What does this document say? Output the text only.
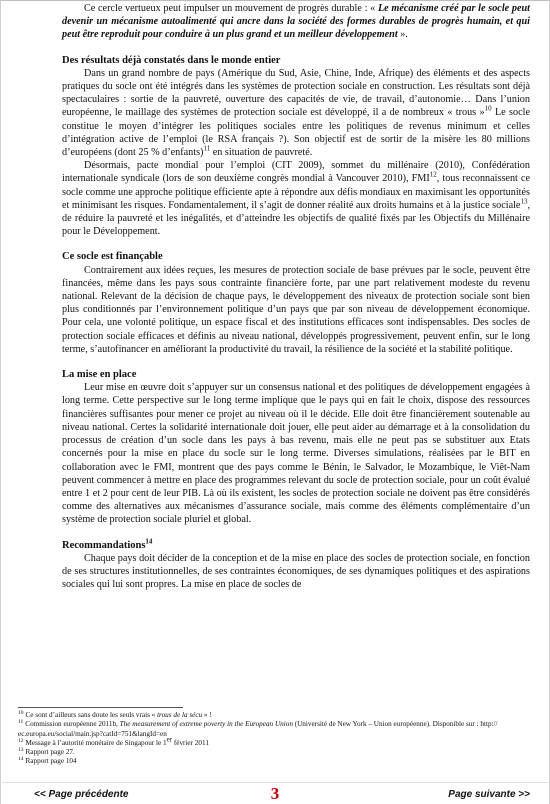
Ce cercle vertueux peut impulser un mouvement de progrès durable : « Le mécanisme créé par le socle peut devenir un mécanisme autoalimenté qui ancre dans la société des formes durables de progrès humain, et qui peut être reproduit pour conduire à un plus grand et un meilleur développement ».

Des résultats déjà constatés dans le monde entier

Dans un grand nombre de pays (Amérique du Sud, Asie, Chine, Inde, Afrique) des éléments et des aspects pratiques du socle ont été intégrés dans les systèmes de protection sociale en construction. Les résultats sont déjà spectaculaires : sortie de la pauvreté, ouverture des capacités de vie, de travail, d’autonomie… Dans l’union européenne, le maillage des systèmes de protection sociale est développé, il a de nombreux « trous »$^{10}$ Le socle constitue le moyen d’intégrer les politiques sociales entre les politiques de revenus minimum et celles d’intégration active de l’emploi (le RSA français ?). Son objectif est de sortir de la misère les 80 millions d’européens (dont 25 % d’enfants)$^{11}$ en situation de pauvreté.

Désormais, pacte mondial pour l’emploi (CIT 2009), sommet du millénaire (2010), Confédération internationale syndicale (lors de son deuxième congrès mondial à Vancouver 2010), FMI$^{12}$, tous reconnaissent ce socle comme une approche politique efficiente apte à répondre aux défis mondiaux en maximisant les opportunités et minimisant les risques. Fondamentalement, il s’agit de donner réalité aux droits humains et à la justice sociale$^{13}$, de réduire la pauvreté et les inégalités, et d’atteindre les objectifs de qualité fixés par les Objectifs du Millénaire pour le Développement.

Ce socle est finançable

Contrairement aux idées reçues, les mesures de protection sociale de base prévues par le socle, peuvent être financées, même dans les pays sous contrainte financière forte, par une part relativement modeste du revenu national. Relevant de la décision de chaque pays, le développement des niveaux de protection sociale sont bien plus conditionnés par l’environnement politique d’un pays que par son niveau de développement économique. Pour cela, une volonté politique, un espace fiscal et des institutions efficaces sont indispensables. Des socles de protection sociale efficaces et définis au niveau national, développés progressivement, peuvent enfin, sur le long terme, s’autofinancer en améliorant la productivité du travail, la résilience de la société et la stabilité politique.

La mise en place

Leur mise en œuvre doit s’appuyer sur un consensus national et des politiques de développement engagées à long terme. Cette perspective sur le long terme implique que le pays qui en fait le choix, dispose des ressources financières suffisantes pour mener ce projet au niveau où il le décide. Elle doit être financièrement soutenable au niveau national. Certes la solidarité internationale doit jouer, elle peut aider au démarrage et à la consolidation du processus de création d’un socle dans les pays à bas revenu, mais elle ne peut pas se substituer aux Etats concernés pour la mise en place du socle sur le long terme. Diverses simulations, réalisées par le BIT en collaboration avec le FMI, montrent que des pays comme le Bénin, le Salvador, le Mozambique, le Viêt-Nam peuvent commencer à mettre en place des programmes relevant du socle de protection sociale, pour un coût évalué entre 1 et 2 pour cent de leur PIB. Là où ils existent, les socles de protection sociale ne doivent pas être considérés comme des alternatives aux mécanismes d’assurance sociale, mais comme des éléments complémentaire d’un système de protection sociale pluriel et global.

Recommandations$^{14}$

Chaque pays doit décider de la conception et de la mise en place des socles de protection sociale, en fonction de ses structures institutionnelles, de ses contraintes économiques, de ses dynamiques politiques et des aspirations sociales qui lui sont propres. La mise en place de socles de

$^{10}$ Ce sont d’ailleurs sans doute les seuls vrais « trous de la sécu » !
$^{11}$ Commission européenne 2011b, The measurement of extreme poverty in the European Union (Université de New York – Union européenne). Disponible sur : http:// ec.europa.eu/social/main.jsp?catId=751&langId=en
$^{12}$ Message à l’autorité monétaire de Singapour le 1er février 2011
$^{13}$ Rapport page 27.
$^{14}$ Rapport page 104
<< Page précédente	3	Page suivante >>
